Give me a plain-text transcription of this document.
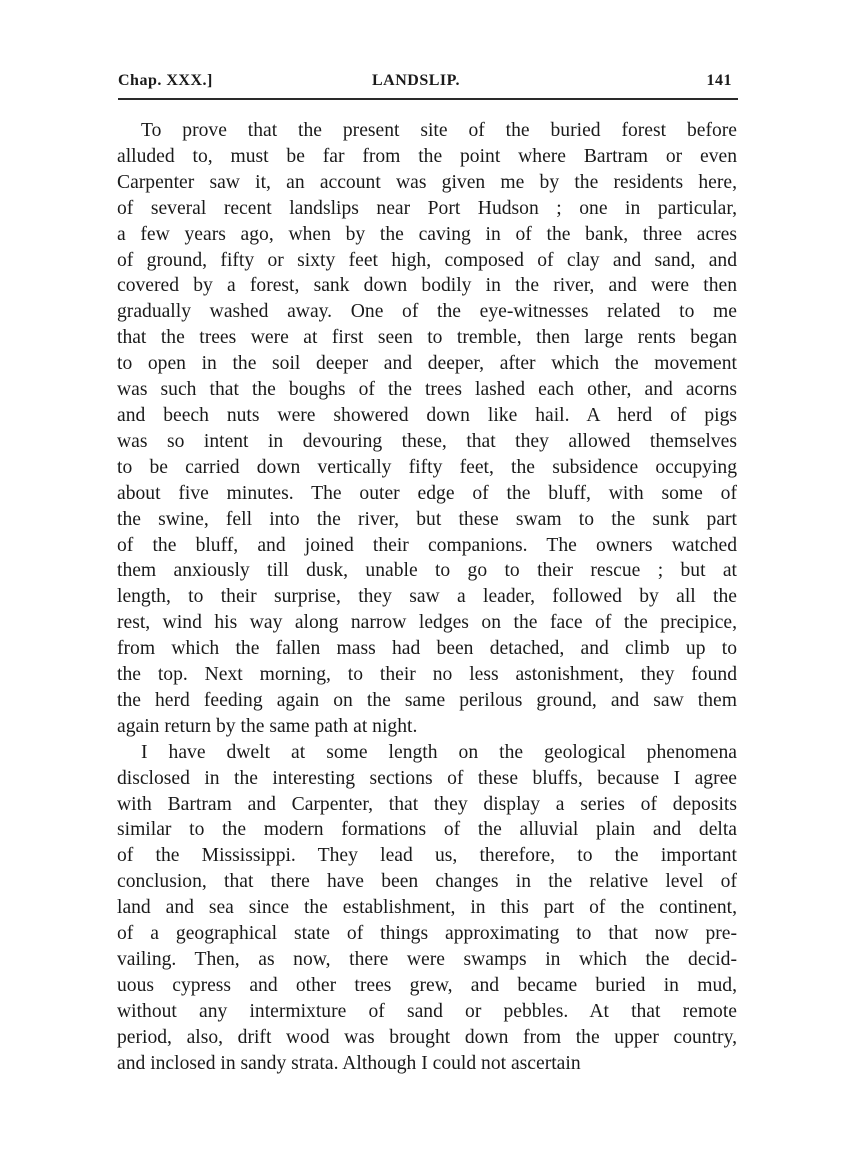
Chap. XXX.]	LANDSLIP.	141
To prove that the present site of the buried forest before
alluded to, must be far from the point where Bartram or even
Carpenter saw it, an account was given me by the residents here,
of several recent landslips near Port Hudson ; one in particular,
a few years ago, when by the caving in of the bank, three acres
of ground, fifty or sixty feet high, composed of clay and sand, and
covered by a forest, sank down bodily in the river, and were then
gradually washed away. One of the eye-witnesses related to me
that the trees were at first seen to tremble, then large rents began
to open in the soil deeper and deeper, after which the movement
was such that the boughs of the trees lashed each other, and acorns
and beech nuts were showered down like hail. A herd of pigs
was so intent in devouring these, that they allowed themselves
to be carried down vertically fifty feet, the subsidence occupying
about five minutes. The outer edge of the bluff, with some of
the swine, fell into the river, but these swam to the sunk part
of the bluff, and joined their companions. The owners watched
them anxiously till dusk, unable to go to their rescue ; but at
length, to their surprise, they saw a leader, followed by all the
rest, wind his way along narrow ledges on the face of the precipice,
from which the fallen mass had been detached, and climb up to
the top. Next morning, to their no less astonishment, they found
the herd feeding again on the same perilous ground, and saw them
again return by the same path at night.
I have dwelt at some length on the geological phenomena
disclosed in the interesting sections of these bluffs, because I agree
with Bartram and Carpenter, that they display a series of deposits
similar to the modern formations of the alluvial plain and delta
of the Mississippi. They lead us, therefore, to the important
conclusion, that there have been changes in the relative level of
land and sea since the establishment, in this part of the continent,
of a geographical state of things approximating to that now pre-
vailing. Then, as now, there were swamps in which the decid-
uous cypress and other trees grew, and became buried in mud,
without any intermixture of sand or pebbles. At that remote
period, also, drift wood was brought down from the upper country,
and inclosed in sandy strata. Although I could not ascertain
